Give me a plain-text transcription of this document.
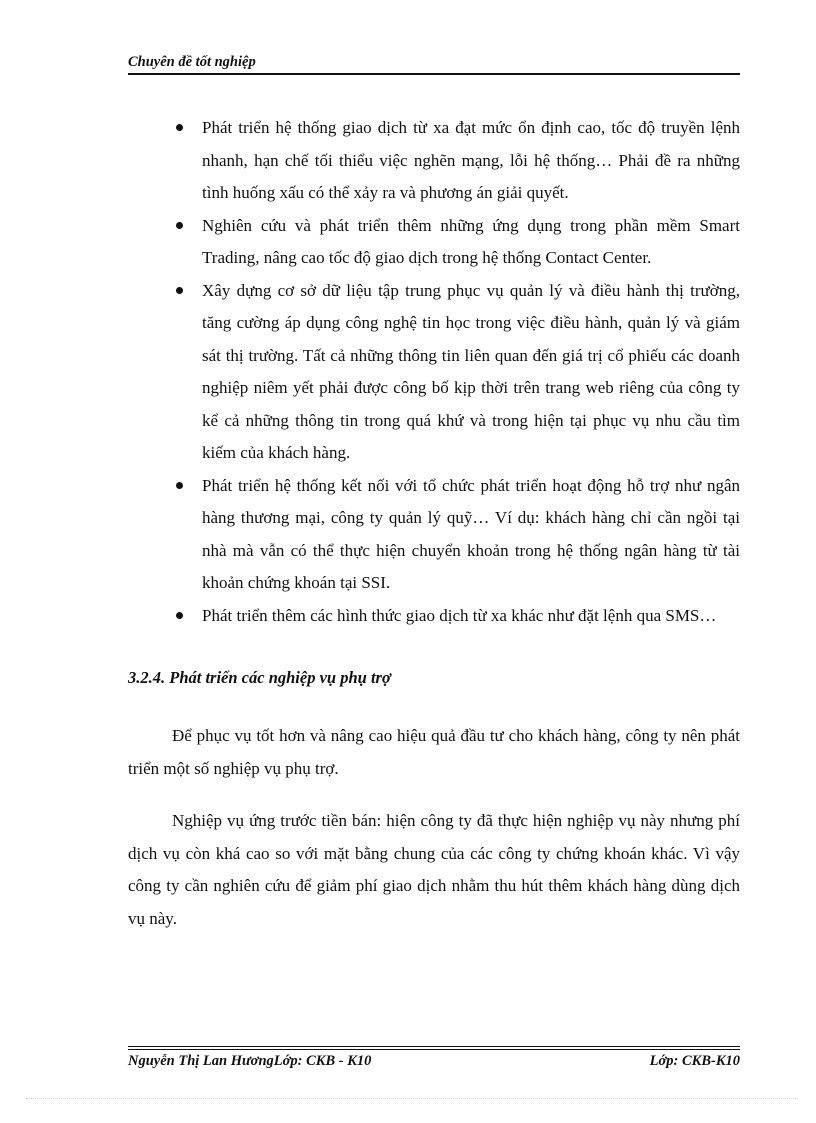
Chuyên đề tốt nghiệp
Phát triển hệ thống giao dịch từ xa đạt mức ổn định cao, tốc độ truyền lệnh nhanh, hạn chế tối thiểu việc nghẽn mạng, lỗi hệ thống… Phải đề ra những tình huống xấu có thể xảy ra và phương án giải quyết.
Nghiên cứu và phát triển thêm những ứng dụng trong phần mềm Smart Trading, nâng cao tốc độ giao dịch trong hệ thống Contact Center.
Xây dựng cơ sở dữ liệu tập trung phục vụ quản lý và điều hành thị trường, tăng cường áp dụng công nghệ tin học trong việc điều hành, quản lý và giám sát thị trường. Tất cả những thông tin liên quan đến giá trị cổ phiếu các doanh nghiệp niêm yết phải được công bố kịp thời trên trang web riêng của công ty kể cả những thông tin trong quá khứ và trong hiện tại phục vụ nhu cầu tìm kiếm của khách hàng.
Phát triển hệ thống kết nối với tổ chức phát triển hoạt động hỗ trợ như ngân hàng thương mại, công ty quản lý quỹ… Ví dụ: khách hàng chỉ cần ngồi tại nhà mà vẫn có thể thực hiện chuyển khoản trong hệ thống ngân hàng từ tài khoản chứng khoán tại SSI.
Phát triển thêm các hình thức giao dịch từ xa khác như đặt lệnh qua SMS…
3.2.4. Phát triển các nghiệp vụ phụ trợ

Để phục vụ tốt hơn và nâng cao hiệu quả đầu tư cho khách hàng, công ty nên phát triển một số nghiệp vụ phụ trợ.

Nghiệp vụ ứng trước tiền bán: hiện công ty đã thực hiện nghiệp vụ này nhưng phí dịch vụ còn khá cao so với mặt bằng chung của các công ty chứng khoán khác. Vì vậy công ty cần nghiên cứu để giảm phí giao dịch nhằm thu hút thêm khách hàng dùng dịch vụ này.

Nguyễn Thị Lan HươngLớp: CKB - K10	Lớp: CKB-K10
